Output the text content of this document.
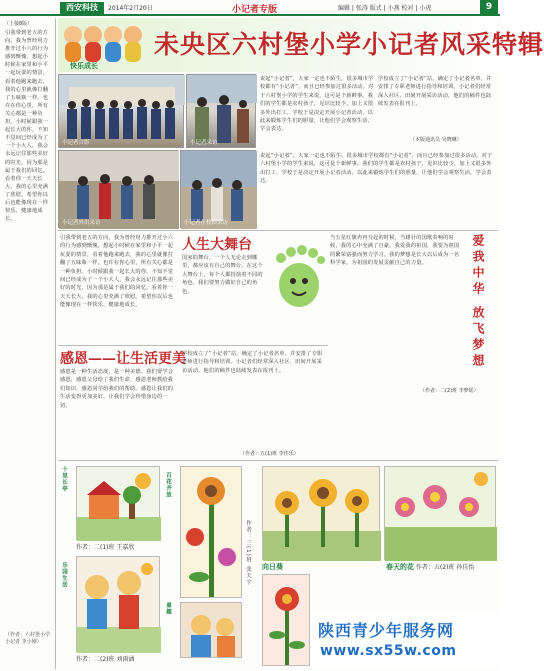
西安科技	2014年2月20日	小记者专版	编辑 | 张涛 版式 | 小燕 校对 | 小虎	9
（上接8版）
引我带到老五的方向。我为曾经用力推开过小六的行为感到惭愧，想起小时候在家里和小平一起玩耍的情景，看着他跑来跑去，我的心里就像打翻了五味瓶一样。也许在你心里，所有关心都是一种负担。小时候跟我一起长大的你，不知不觉间已经成为了一个小大人，我会永远记住那些美好的时光，因为那是属于我们的回忆。看着你一天天长大，我的心里充满了欣慰。希望你以后也能像现在一样快乐，健康地成长。
（作者：六村堡小学小记者 李小刚）
快乐成长
未央区六村堡小学小记者风采特辑
小记者合影	小记者采访
说起“小记者”，大家一定也不陌生。很多城市学校都有“小记者”，而且已经参加过很多活动。对于六村堡小学的学生来说，这可是个新鲜事。我们的学生都是农村孩子，见识比较少，加上又很多外出打工，学校于是决定开展小记者活动，以此来锻炼学生们的胆量，让他们学会观察生活，学会表达。
学校成立了“小记者”站，确定了小记者名单，并安排了专职老师进行指导和培训。小记者们经常深入社区、田间开展采访活动，他们的稿件也陆续发表在报刊上。
（本版通讯员 吴晓琳）
小记者外出采访	小记者在校园采访
说起“小记者”，大家一定也不陌生。很多城市学校都有“小记者”，而且已经参加过很多活动。对于六村堡小学的学生来说，这可是个新鲜事。我们的学生都是农村孩子，见识比较少，加上又很多外出打工，学校于是决定开展小记者活动，以此来锻炼学生们的胆量，让他们学会观察生活，学会表达。
引我带到老五的方向。我为曾经用力推开过小六的行为感到惭愧，想起小时候在家里和小平一起玩耍的情景，看着他跑来跑去，我的心里就像打翻了五味瓶一样。也许在你心里，所有关心都是一种负担。小时候跟我一起长大的你，不知不觉间已经成为了一个小大人，我会永远记住那些美好的时光，因为那是属于我们的回忆。看着你一天天长大，我的心里充满了欣慰。希望你以后也能像现在一样快乐，健康地成长。
人生大舞台
国家的舞台，一个人无论走到哪里，都应该有自己的舞台。在这个大舞台上，每个人都扮演着不同的角色，我们要努力做好自己的角色。
当五星红旗冉冉升起的时候，当雄壮的国歌奏响的时候，我的心中充满了自豪。我爱我的祖国，我要为祖国的繁荣富强而努力学习。我的梦想是长大以后成为一名科学家，为祖国的发展贡献自己的力量。	爱我中华
放飞梦想
（作者：二(2)班 李梦瑶）
感恩——让生活更美
感恩是一种生活态度，是一种美德。我们要学会感恩，感恩父母给了我们生命，感恩老师教给我们知识，感恩同学给我们的帮助。感恩让我们的生活变得更加美好，让我们学会珍惜身边的一切。
学校成立了“小记者”站，确定了小记者名单，并安排了专职老师进行指导和培训。小记者们经常深入社区、田间开展采访活动，他们的稿件也陆续发表在报刊上。
（作者：五(1)班 李佳乐）
十里长亭
作者：二(1)班 王嘉欣
乐园生活
作者：二(2)班 刘雨涵
百花齐放
作者：三(1)班 张天宇
童趣
向日葵	春天的花 作者：五(2)班 孙佳怡
陕西青少年服务网
www.sx55w.com
